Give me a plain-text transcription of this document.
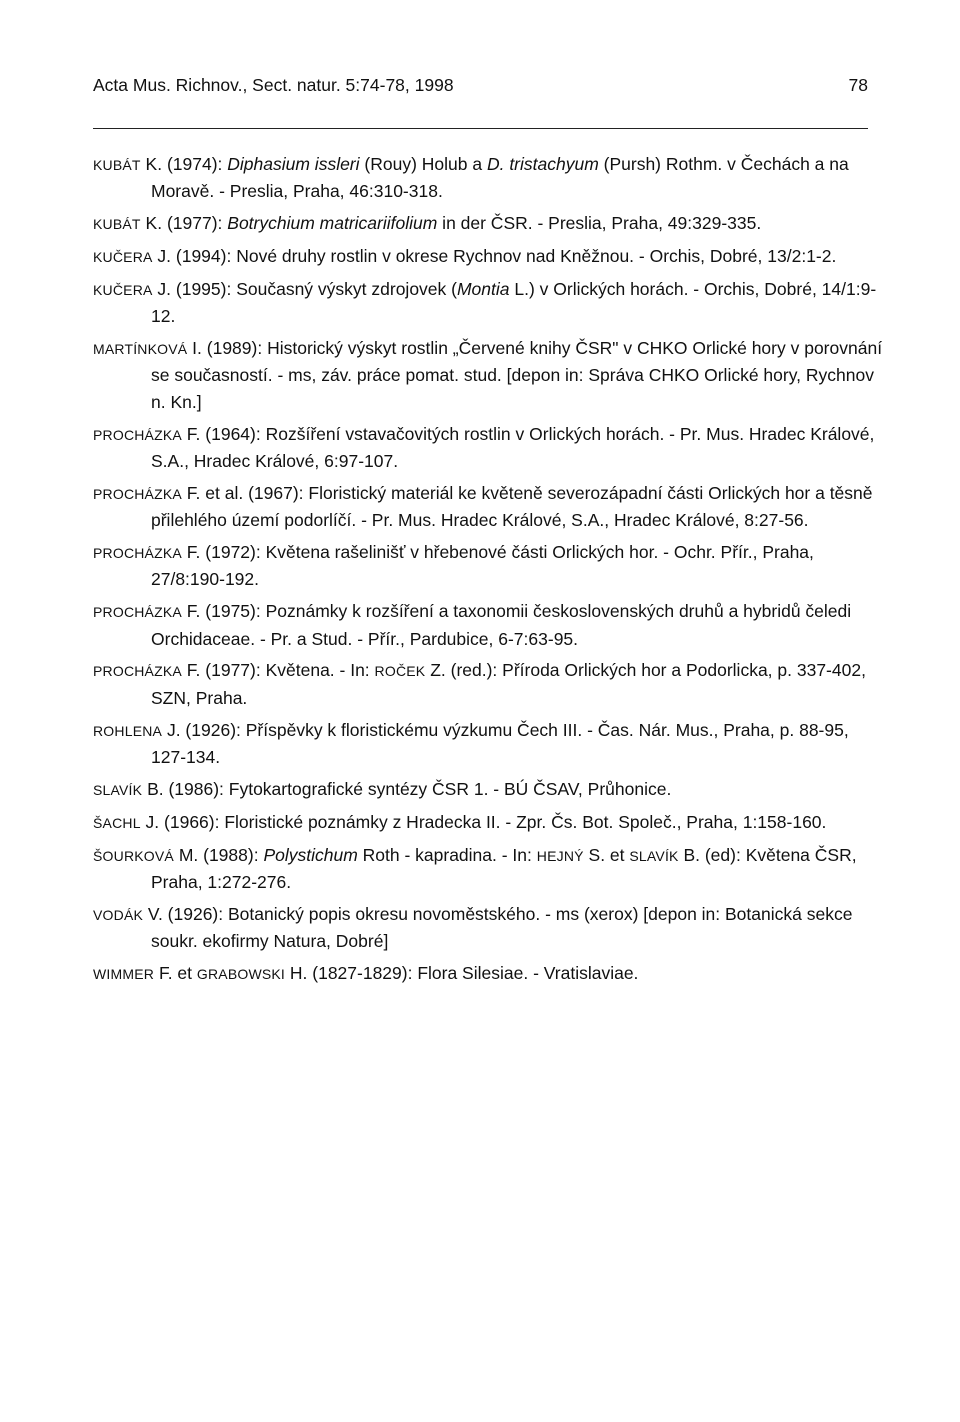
Acta Mus. Richnov., Sect. natur. 5:74-78, 1998	78
KUBÁT K. (1974): Diphasium issleri (Rouy) Holub a D. tristachyum (Pursh) Rothm. v Čechách a na Moravě. - Preslia, Praha, 46:310-318.
KUBÁT K. (1977): Botrychium matricariifolium in der ČSR. - Preslia, Praha, 49:329-335.
KUČERA J. (1994): Nové druhy rostlin v okrese Rychnov nad Kněžnou. - Orchis, Dobré, 13/2:1-2.
KUČERA J. (1995): Současný výskyt zdrojovek (Montia L.) v Orlických horách. - Orchis, Dobré, 14/1:9-12.
MARTÍNKOVÁ I. (1989): Historický výskyt rostlin „Červené knihy ČSR" v CHKO Orlické hory v porovnání se současností. - ms, záv. práce pomat. stud. [depon in: Správa CHKO Orlické hory, Rychnov n. Kn.]
PROCHÁZKA F. (1964): Rozšíření vstavačovitých rostlin v Orlických horách. - Pr. Mus. Hradec Králové, S.A., Hradec Králové, 6:97-107.
PROCHÁZKA F. et al. (1967): Floristický materiál ke květeně severozápadní části Orlických hor a těsně přilehlého území podorlíčí. - Pr. Mus. Hradec Králové, S.A., Hradec Králové, 8:27-56.
PROCHÁZKA F. (1972): Květena rašelinišť v hřebenové části Orlických hor. - Ochr. Přír., Praha, 27/8:190-192.
PROCHÁZKA F. (1975): Poznámky k rozšíření a taxonomii československých druhů a hybridů čeledi Orchidaceae. - Pr. a Stud. - Přír., Pardubice, 6-7:63-95.
PROCHÁZKA F. (1977): Květena. - In: ROČEK Z. (red.): Příroda Orlických hor a Podorlicka, p. 337-402, SZN, Praha.
ROHLENA J. (1926): Příspěvky k floristickému výzkumu Čech III. - Čas. Nár. Mus., Praha, p. 88-95, 127-134.
SLAVÍK B. (1986): Fytokartografické syntézy ČSR 1. - BÚ ČSAV, Průhonice.
ŠACHL J. (1966): Floristické poznámky z Hradecka II. - Zpr. Čs. Bot. Společ., Praha, 1:158-160.
ŠOURKOVÁ M. (1988): Polystichum Roth - kapradina. - In: HEJNÝ S. et SLAVÍK B. (ed): Květena ČSR, Praha, 1:272-276.
VODÁK V. (1926): Botanický popis okresu novoměstského. - ms (xerox) [depon in: Botanická sekce soukr. ekofirmy Natura, Dobré]
WIMMER F. et GRABOWSKI H. (1827-1829): Flora Silesiae. - Vratislaviae.
